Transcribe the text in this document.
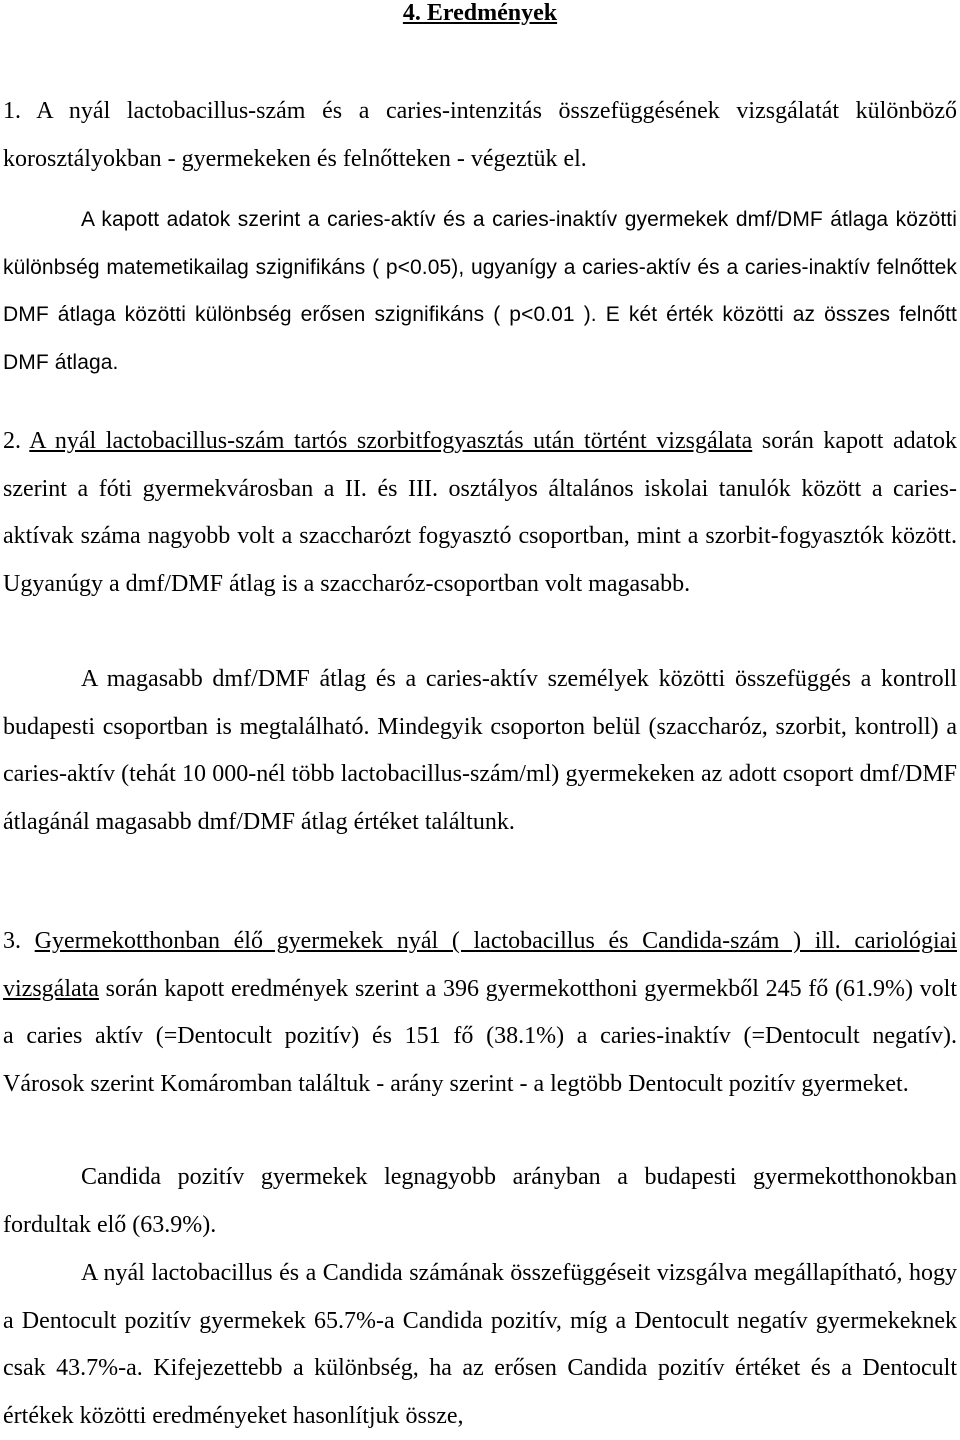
4. Eredmények

1. A nyál lactobacillus-szám és a caries-intenzitás összefüggésének vizsgálatát különböző korosztályokban - gyermekeken és felnőtteken - végeztük el.

A kapott adatok szerint a caries-aktív és a caries-inaktív gyermekek dmf/DMF átlaga közötti különbség matemetikailag szignifikáns ( p<0.05), ugyanígy a caries-aktív és a caries-inaktív felnőttek DMF átlaga közötti különbség erősen szignifikáns ( p<0.01 ). E két érték közötti az összes felnőtt DMF átlaga.

2. A nyál lactobacillus-szám tartós szorbitfogyasztás után történt vizsgálata során kapott adatok szerint a fóti gyermekvárosban a II. és III. osztályos általános iskolai tanulók között a caries-aktívak száma nagyobb volt a szaccharózt fogyasztó csoportban, mint a szorbit-fogyasztók között. Ugyanúgy a dmf/DMF átlag is a szaccharóz-csoportban volt magasabb.

A magasabb dmf/DMF átlag és a caries-aktív személyek közötti összefüggés a kontroll budapesti csoportban is megtalálható. Mindegyik csoporton belül (szaccharóz, szorbit, kontroll) a caries-aktív (tehát 10 000-nél több lactobacillus-szám/ml) gyermekeken az adott csoport dmf/DMF átlagánál magasabb dmf/DMF átlag értéket találtunk.

3. Gyermekotthonban élő gyermekek nyál ( lactobacillus és Candida-szám ) ill. cariológiai vizsgálata során kapott eredmények szerint a 396 gyermekotthoni gyermekből 245 fő (61.9%) volt a caries aktív (=Dentocult pozitív) és 151 fő (38.1%) a caries-inaktív (=Dentocult negatív). Városok szerint Komáromban találtuk - arány szerint - a legtöbb Dentocult pozitív gyermeket.

Candida pozitív gyermekek legnagyobb arányban a budapesti gyermekotthonokban fordultak elő (63.9%).

A nyál lactobacillus és a Candida számának összefüggéseit vizsgálva megállapítható, hogy a Dentocult pozitív gyermekek 65.7%-a Candida pozitív, míg a Dentocult negatív gyermekeknek csak 43.7%-a. Kifejezettebb a különbség, ha az erősen Candida pozitív értéket és a Dentocult értékek közötti eredményeket hasonlítjuk össze,
